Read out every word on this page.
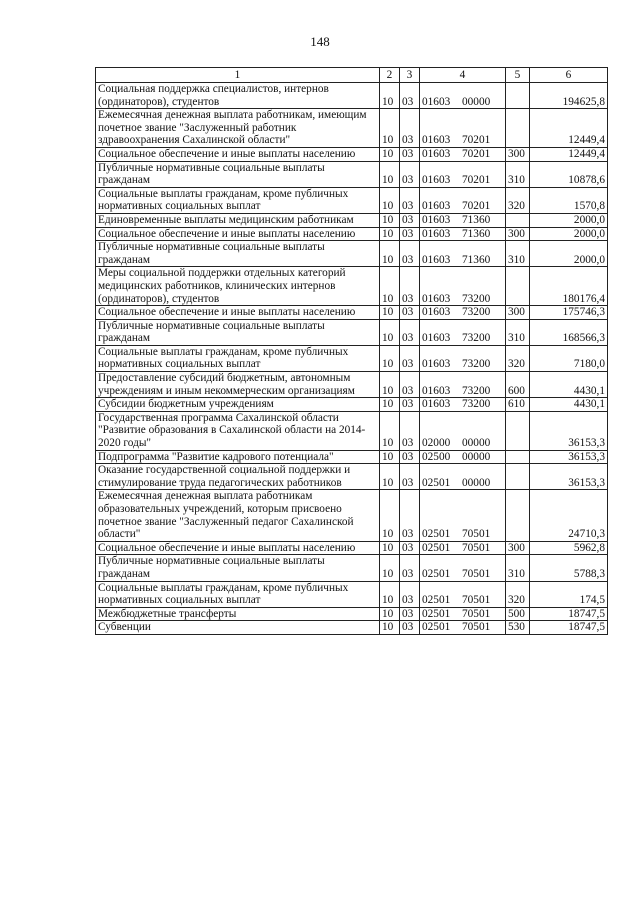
148
1	2	3	4	5	6
Социальная поддержка специалистов, интернов (ординаторов), студентов	10	03	01603 00000		194625,8
Ежемесячная денежная выплата работникам, имеющим почетное звание "Заслуженный работник здравоохранения Сахалинской области"	10	03	01603 70201		12449,4
Социальное обеспечение и иные выплаты населению	10	03	01603 70201	300	12449,4
Публичные нормативные социальные выплаты гражданам	10	03	01603 70201	310	10878,6
Социальные выплаты гражданам, кроме публичных нормативных социальных выплат	10	03	01603 70201	320	1570,8
Единовременные выплаты медицинским работникам	10	03	01603 71360		2000,0
Социальное обеспечение и иные выплаты населению	10	03	01603 71360	300	2000,0
Публичные нормативные социальные выплаты гражданам	10	03	01603 71360	310	2000,0
Меры социальной поддержки отдельных категорий медицинских работников, клинических интернов (ординаторов), студентов	10	03	01603 73200		180176,4
Социальное обеспечение и иные выплаты населению	10	03	01603 73200	300	175746,3
Публичные нормативные социальные выплаты гражданам	10	03	01603 73200	310	168566,3
Социальные выплаты гражданам, кроме публичных нормативных социальных выплат	10	03	01603 73200	320	7180,0
Предоставление субсидий бюджетным, автономным учреждениям и иным некоммерческим организациям	10	03	01603 73200	600	4430,1
Субсидии бюджетным учреждениям	10	03	01603 73200	610	4430,1
Государственная программа Сахалинской области "Развитие образования в Сахалинской области на 2014-2020 годы"	10	03	02000 00000		36153,3
Подпрограмма "Развитие кадрового потенциала"	10	03	02500 00000		36153,3
Оказание государственной социальной поддержки и стимулирование труда педагогических работников	10	03	02501 00000		36153,3
Ежемесячная денежная выплата работникам образовательных учреждений, которым присвоено почетное звание "Заслуженный педагог Сахалинской области"	10	03	02501 70501		24710,3
Социальное обеспечение и иные выплаты населению	10	03	02501 70501	300	5962,8
Публичные нормативные социальные выплаты гражданам	10	03	02501 70501	310	5788,3
Социальные выплаты гражданам, кроме публичных нормативных социальных выплат	10	03	02501 70501	320	174,5
Межбюджетные трансферты	10	03	02501 70501	500	18747,5
Субвенции	10	03	02501 70501	530	18747,5
